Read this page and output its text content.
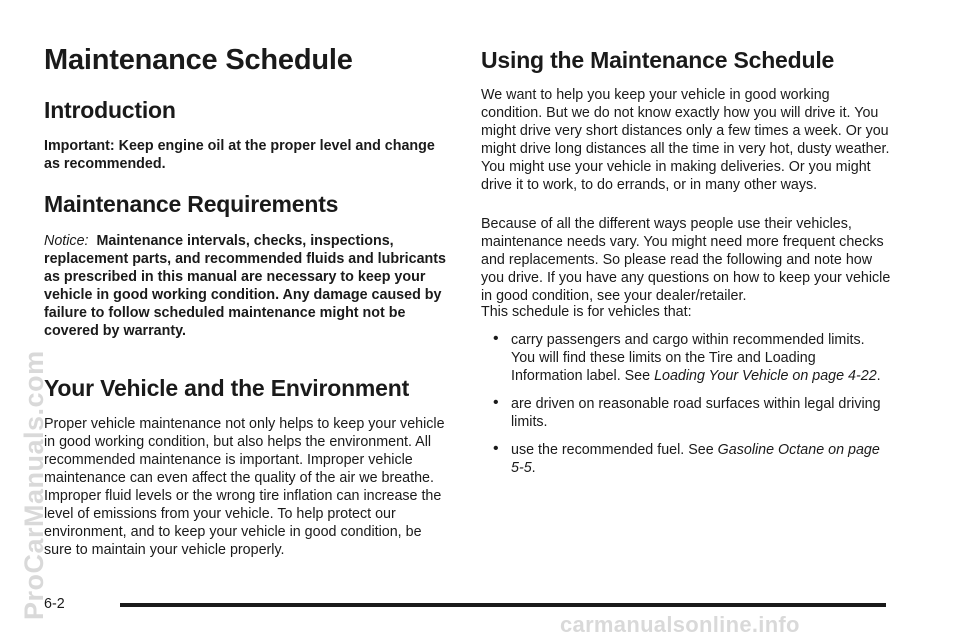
Maintenance Schedule
Introduction

Important: Keep engine oil at the proper level and change as recommended.

Maintenance Requirements

Notice: Maintenance intervals, checks, inspections, replacement parts, and recommended fluids and lubricants as prescribed in this manual are necessary to keep your vehicle in good working condition. Any damage caused by failure to follow scheduled maintenance might not be covered by warranty.

Your Vehicle and the Environment

Proper vehicle maintenance not only helps to keep your vehicle in good working condition, but also helps the environment. All recommended maintenance is important. Improper vehicle maintenance can even affect the quality of the air we breathe. Improper fluid levels or the wrong tire inflation can increase the level of emissions from your vehicle. To help protect our environment, and to keep your vehicle in good condition, be sure to maintain your vehicle properly.

Using the Maintenance Schedule

We want to help you keep your vehicle in good working condition. But we do not know exactly how you will drive it. You might drive very short distances only a few times a week. Or you might drive long distances all the time in very hot, dusty weather. You might use your vehicle in making deliveries. Or you might drive it to work, to do errands, or in many other ways.

Because of all the different ways people use their vehicles, maintenance needs vary. You might need more frequent checks and replacements. So please read the following and note how you drive. If you have any questions on how to keep your vehicle in good condition, see your dealer/retailer.

This schedule is for vehicles that:

• carry passengers and cargo within recommended limits. You will find these limits on the Tire and Loading Information label. See Loading Your Vehicle on page 4-22.
• are driven on reasonable road surfaces within legal driving limits.
• use the recommended fuel. See Gasoline Octane on page 5-5.
6-2
ProCarManuals.com
carmanualsonline.info
